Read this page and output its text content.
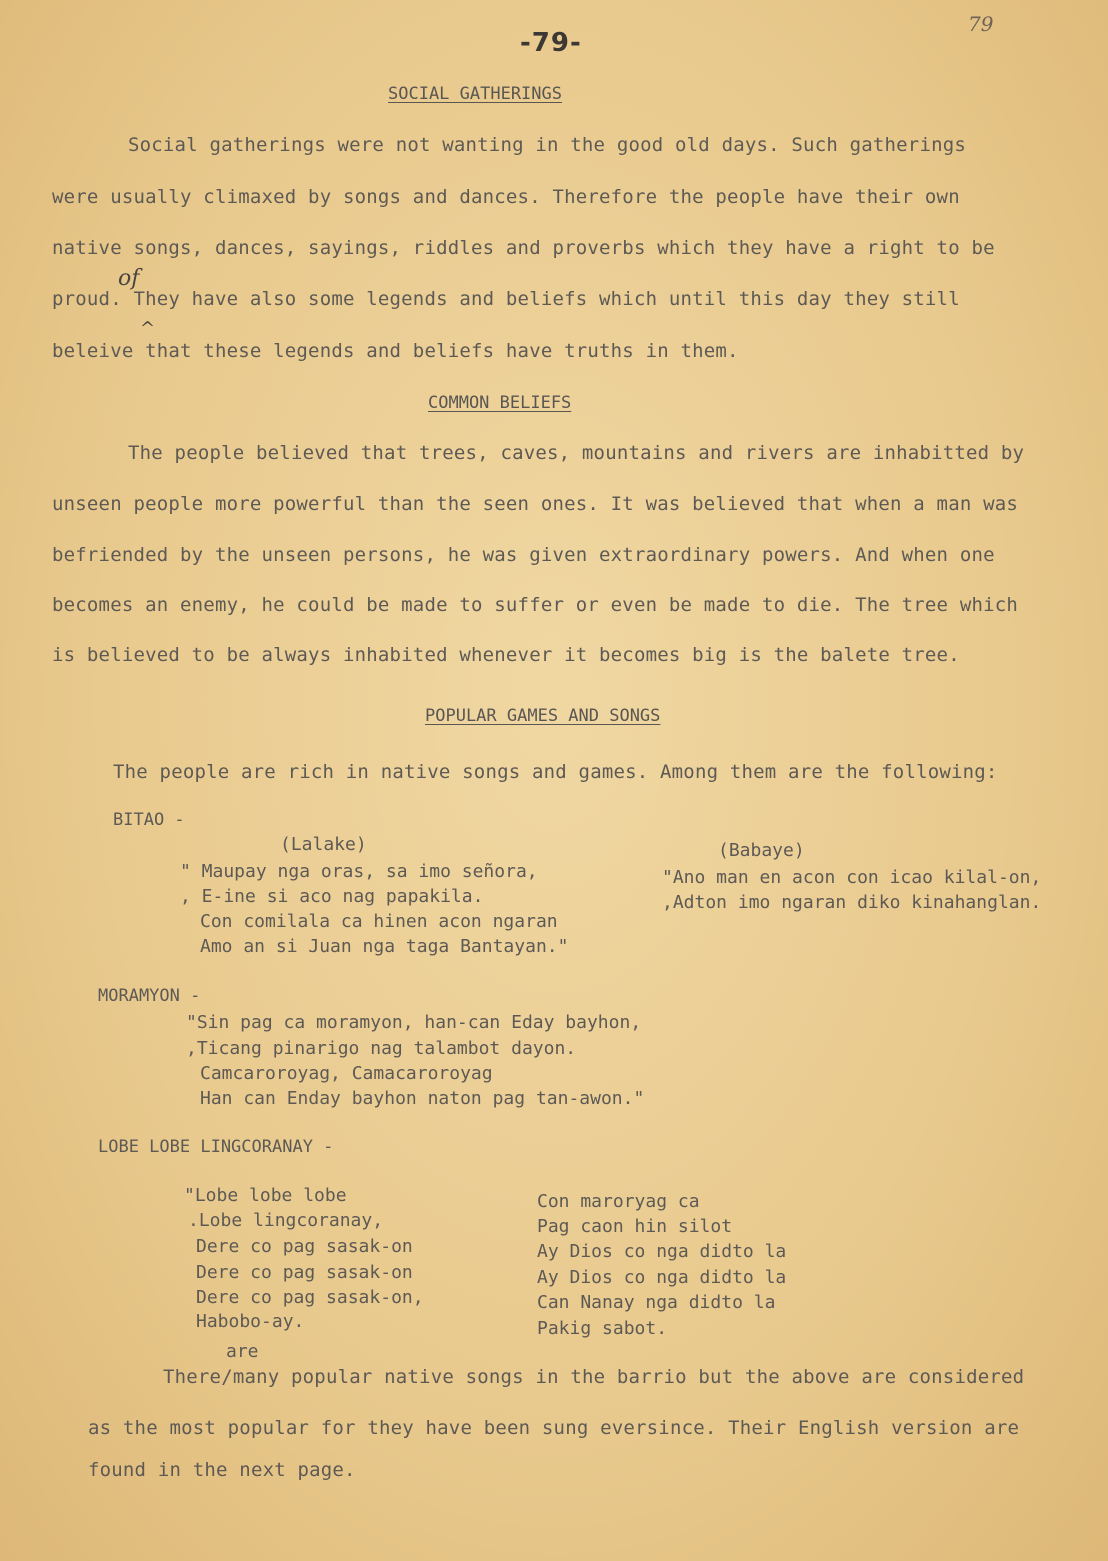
-79-
79
SOCIAL GATHERINGS
Social gatherings were not wanting in the good old days. Such gatherings
were usually climaxed by songs and dances. Therefore the people have their own
native songs, dances, sayings, riddles and proverbs which they have a right to be
of
proud. They have also some legends and beliefs which until this day they still
^
beleive that these legends and beliefs have truths in them.
COMMON BELIEFS
The people believed that trees, caves, mountains and rivers are inhabitted by
unseen people more powerful than the seen ones. It was believed that when a man was
befriended by the unseen persons, he was given extraordinary powers. And when one
becomes an enemy, he could be made to suffer or even be made to die. The tree which
is believed to be always inhabited whenever it becomes big is the balete tree.
POPULAR GAMES AND SONGS
The people are rich in native songs and games. Among them are the following:
BITAO -
(Lalake)
" Maupay nga oras, sa imo señora,
, E-ine si aco nag papakila.
Con comilala ca hinen acon ngaran
Amo an si Juan nga taga Bantayan."
(Babaye)
"Ano man en acon con icao kilal-on,
,Adton imo ngaran diko kinahanglan.
MORAMYON -
"Sin pag ca moramyon, han-can Eday bayhon,
,Ticang pinarigo nag talambot dayon.
Camcaroroyag, Camacaroroyag
Han can Enday bayhon naton pag tan-awon."
LOBE LOBE LINGCORANAY -
"Lobe lobe lobe
.Lobe lingcoranay,
Dere co pag sasak-on
Dere co pag sasak-on
Dere co pag sasak-on,
Habobo-ay.
Con maroryag ca
Pag caon hin silot
Ay Dios co nga didto la
Ay Dios co nga didto la
Can Nanay nga didto la
Pakig sabot.
are
There/many popular native songs in the barrio but the above are considered
as the most popular for they have been sung eversince. Their English version are
found in the next page.
